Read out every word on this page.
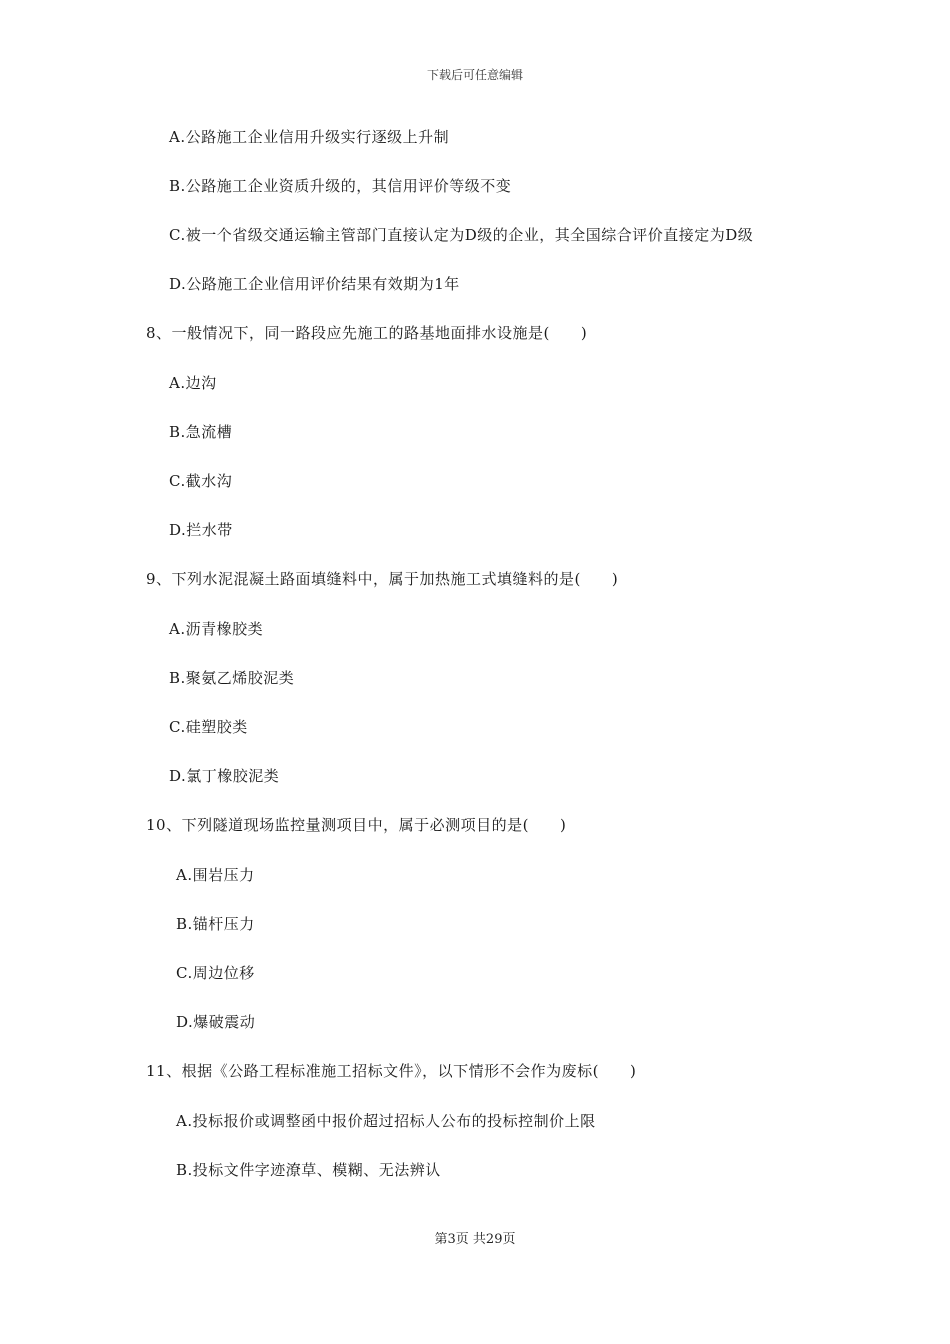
下载后可任意编辑
A.公路施工企业信用升级实行逐级上升制
B.公路施工企业资质升级的，其信用评价等级不变
C.被一个省级交通运输主管部门直接认定为D级的企业，其全国综合评价直接定为D级
D.公路施工企业信用评价结果有效期为1年
8、一般情况下，同一路段应先施工的路基地面排水设施是(　　)
A.边沟
B.急流槽
C.截水沟
D.拦水带
9、下列水泥混凝土路面填缝料中，属于加热施工式填缝料的是(　　)
A.沥青橡胶类
B.聚氨乙烯胶泥类
C.硅塑胶类
D.氯丁橡胶泥类
10、下列隧道现场监控量测项目中，属于必测项目的是(　　)
A.围岩压力
B.锚杆压力
C.周边位移
D.爆破震动
11、根据《公路工程标准施工招标文件》，以下情形不会作为废标(　　)
A.投标报价或调整函中报价超过招标人公布的投标控制价上限
B.投标文件字迹潦草、模糊、无法辨认
第3页 共29页
